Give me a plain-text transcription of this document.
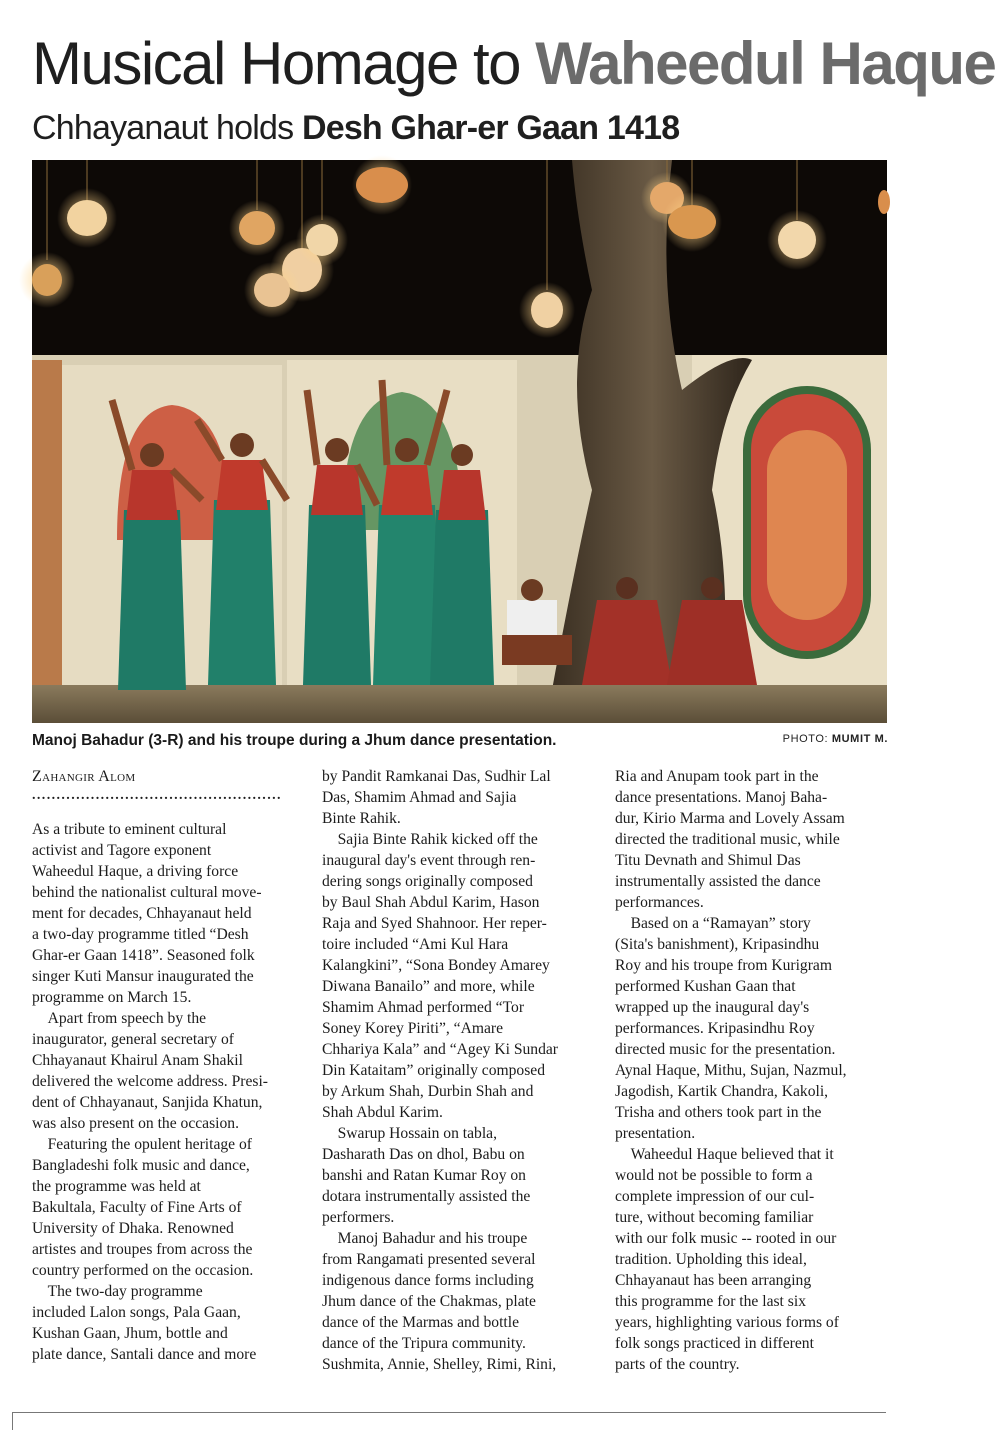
Musical Homage to Waheedul Haque
Chhayanaut holds Desh Ghar-er Gaan 1418
Manoj Bahadur (3-R) and his troupe during a Jhum dance presentation.	PHOTO: MUMIT M.
Zahangir Alom
...................................................
As a tribute to eminent cultural
activist and Tagore exponent
Waheedul Haque, a driving force
behind the nationalist cultural move-
ment for decades, Chhayanaut held
a two-day programme titled “Desh
Ghar-er Gaan 1418”. Seasoned folk
singer Kuti Mansur inaugurated the
programme on March 15.
 Apart from speech by the
inaugurator, general secretary of
Chhayanaut Khairul Anam Shakil
delivered the welcome address. Presi-
dent of Chhayanaut, Sanjida Khatun,
was also present on the occasion.
 Featuring the opulent heritage of
Bangladeshi folk music and dance,
the programme was held at
Bakultala, Faculty of Fine Arts of
University of Dhaka. Renowned
artistes and troupes from across the
country performed on the occasion.
 The two-day programme
included Lalon songs, Pala Gaan,
Kushan Gaan, Jhum, bottle and
plate dance, Santali dance and more
by Pandit Ramkanai Das, Sudhir Lal
Das, Shamim Ahmad and Sajia
Binte Rahik.
 Sajia Binte Rahik kicked off the
inaugural day's event through ren-
dering songs originally composed
by Baul Shah Abdul Karim, Hason
Raja and Syed Shahnoor. Her reper-
toire included “Ami Kul Hara
Kalangkini”, “Sona Bondey Amarey
Diwana Banailo” and more, while
Shamim Ahmad performed “Tor
Soney Korey Piriti”, “Amare
Chhariya Kala” and “Agey Ki Sundar
Din Kataitam” originally composed
by Arkum Shah, Durbin Shah and
Shah Abdul Karim.
 Swarup Hossain on tabla,
Dasharath Das on dhol, Babu on
banshi and Ratan Kumar Roy on
dotara instrumentally assisted the
performers.
 Manoj Bahadur and his troupe
from Rangamati presented several
indigenous dance forms including
Jhum dance of the Chakmas, plate
dance of the Marmas and bottle
dance of the Tripura community.
Sushmita, Annie, Shelley, Rimi, Rini,
Ria and Anupam took part in the
dance presentations. Manoj Baha-
dur, Kirio Marma and Lovely Assam
directed the traditional music, while
Titu Devnath and Shimul Das
instrumentally assisted the dance
performances.
 Based on a “Ramayan” story
(Sita's banishment), Kripasindhu
Roy and his troupe from Kurigram
performed Kushan Gaan that
wrapped up the inaugural day's
performances. Kripasindhu Roy
directed music for the presentation.
Aynal Haque, Mithu, Sujan, Nazmul,
Jagodish, Kartik Chandra, Kakoli,
Trisha and others took part in the
presentation.
 Waheedul Haque believed that it
would not be possible to form a
complete impression of our cul-
ture, without becoming familiar
with our folk music -- rooted in our
tradition. Upholding this ideal,
Chhayanaut has been arranging
this programme for the last six
years, highlighting various forms of
folk songs practiced in different
parts of the country.
